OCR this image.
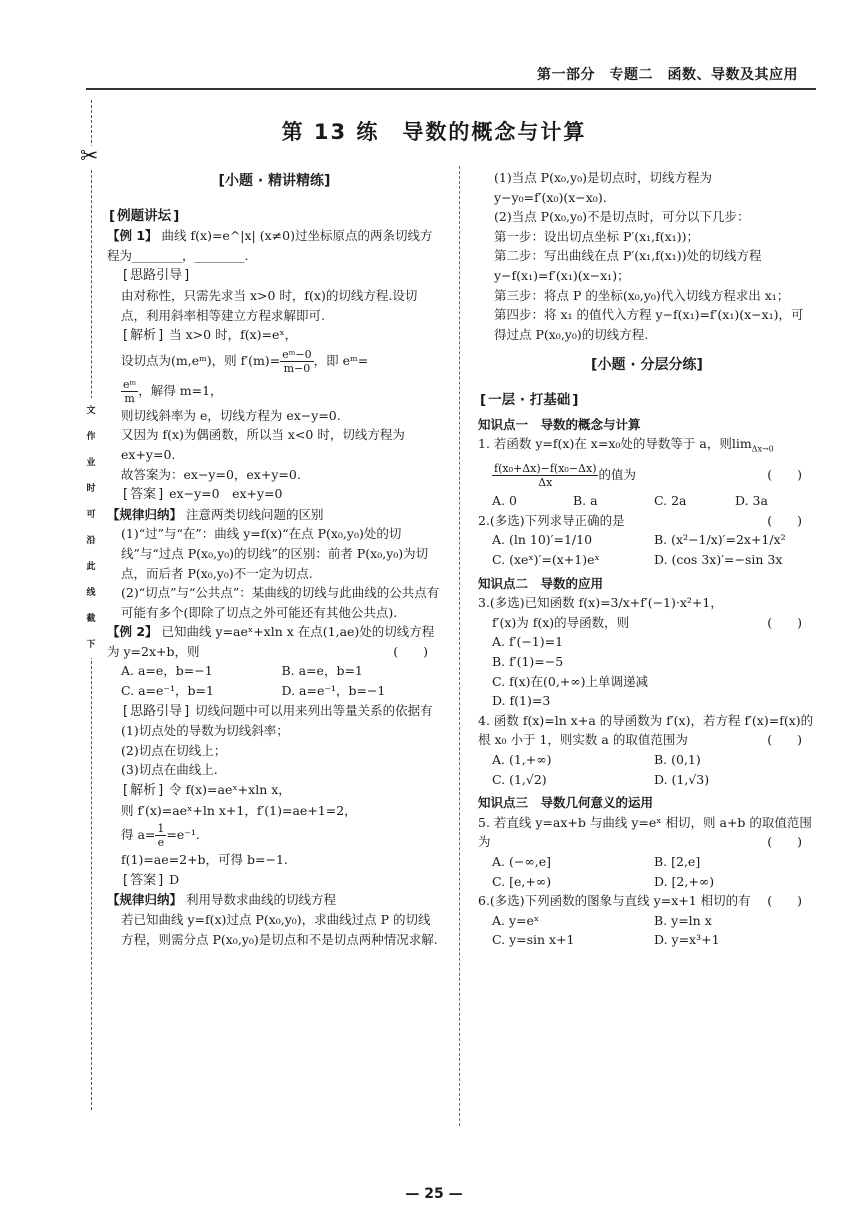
第一部分　专题二　函数、导数及其应用
✂
文
作
业
时
可
沿
此
线
截
下
第 13 练　导数的概念与计算
[小题 · 精讲精练]
[ 例题讲坛 ]

【例 1】 曲线 f(x)=e^|x| (x≠0)过坐标原点的两条切线方程为________，________.

[ 思路引导 ]

由对称性，只需先求当 x>0 时，f(x)的切线方程.设切点，利用斜率相等建立方程求解即可.

[ 解析 ] 当 x>0 时，f(x)=eˣ，

设切点为(m,eᵐ)，则 $f'(m)= \frac{\text{eᵐ−0}}{m-0}$ ，即 eᵐ=

$\frac{\text{eᵐ}}{m}$ ，解得 m=1，

则切线斜率为 e，切线方程为 ex−y=0.

又因为 f(x)为偶函数，所以当 x<0 时，切线方程为 ex+y=0.

故答案为：ex−y=0，ex+y=0.

[ 答案 ] ex−y=0　ex+y=0

【规律归纳】 注意两类切线问题的区别

(1)“过”与“在”：曲线 y=f(x)“在点 P(x₀,y₀)处的切线”与“过点 P(x₀,y₀)的切线”的区别：前者 P(x₀,y₀)为切点，而后者 P(x₀,y₀)不一定为切点.

(2)“切点”与“公共点”：某曲线的切线与此曲线的公共点有可能有多个(即除了切点之外可能还有其他公共点).

【例 2】 已知曲线 y=aeˣ+xln x 在点(1,ae)处的切线方程为 y=2x+b，则	(　　)

A. a=e，b=−1	B. a=e，b=1
C. a=e⁻¹，b=1	D. a=e⁻¹，b=−1

[ 思路引导 ] 切线问题中可以用来列出等量关系的依据有

(1)切点处的导数为切线斜率；

(2)切点在切线上；

(3)切点在曲线上.

[ 解析 ] 令 f(x)=aeˣ+xln x，

则 f′(x)=aeˣ+ln x+1，f′(1)=ae+1=2，

得 $a= \frac{1}{e} =e^{-1}$.

f(1)=ae=2+b，可得 b=−1.

[ 答案 ] D

【规律归纳】 利用导数求曲线的切线方程

若已知曲线 y=f(x)过点 P(x₀,y₀)，求曲线过点 P 的切线方程，则需分点 P(x₀,y₀)是切点和不是切点两种情况求解.

(1)当点 P(x₀,y₀)是切点时，切线方程为

y−y₀=f′(x₀)(x−x₀).

(2)当点 P(x₀,y₀)不是切点时，可分以下几步：

第一步：设出切点坐标 P′(x₁,f(x₁))；

第二步：写出曲线在点 P′(x₁,f(x₁))处的切线方程 y−f(x₁)=f′(x₁)(x−x₁)；

第三步：将点 P 的坐标(x₀,y₀)代入切线方程求出 x₁；

第四步：将 x₁ 的值代入方程 y−f(x₁)=f′(x₁)(x−x₁)，可得过点 P(x₀,y₀)的切线方程.

[小题 · 分层分练]
[ 一层 · 打基础 ]
知识点一　导数的概念与计算

1. 若函数 y=f(x)在 x=x₀处的导数等于 a，则$\lim_{\Delta x\to 0}$

$\frac{\text{f(x₀+Δx)−f(x₀−Δx)}}{\Delta x}$ 的值为	(　　)

A. 0	B. a	C. 2a	D. 3a

2.(多选)下列求导正确的是	(　　)

A. (ln 10)′=1/10	B. (x²−1/x)′=2x+1/x²
C. (xeˣ)′=(x+1)eˣ	D. (cos 3x)′=−sin 3x
知识点二　导数的应用

3.(多选)已知函数 f(x)=3/x+f′(−1)·x²+1，

f′(x)为 f(x)的导函数，则	(　　)

A. f′(−1)=1

B. f′(1)=−5

C. f(x)在(0,+∞)上单调递减

D. f(1)=3

4. 函数 f(x)=ln x+a 的导函数为 f′(x)，若方程 f′(x)=f(x)的根 x₀ 小于 1，则实数 a 的取值范围为	(　　)

A. (1,+∞)	B. (0,1)
C. (1,√2)	D. (1,√3)
知识点三　导数几何意义的运用

5. 若直线 y=ax+b 与曲线 y=eˣ 相切，则 a+b 的取值范围为	(　　)

A. (−∞,e]	B. [2,e]
C. [e,+∞)	D. [2,+∞)

6.(多选)下列函数的图象与直线 y=x+1 相切的有 (　　)

A. y=eˣ	B. y=ln x
C. y=sin x+1	D. y=x³+1
— 25 —
